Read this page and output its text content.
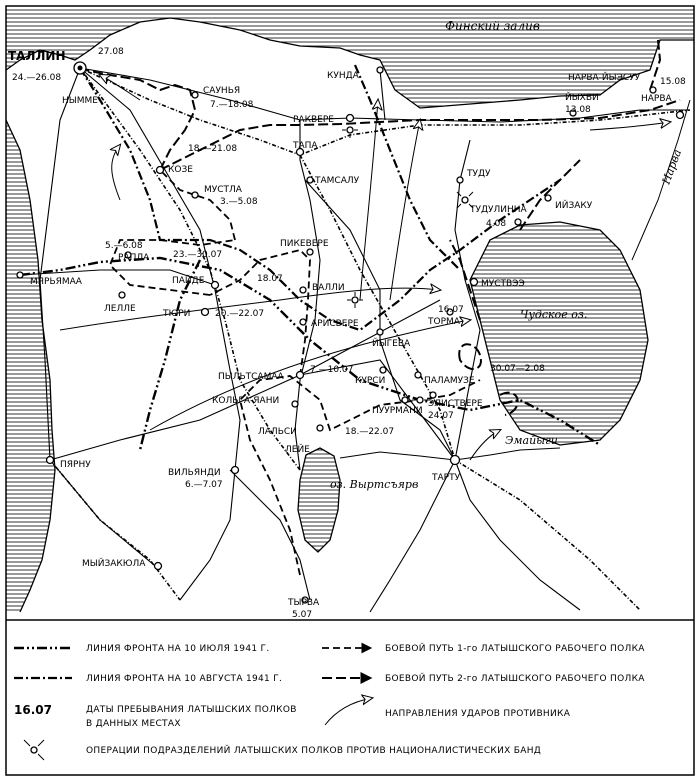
Финский залив
Чудское оз.
оз. Выртсъярв
Эмайыги
Нарва
ТАЛЛИН
24.—26.08
27.08
НЫММЕ
САУНЬЯ
7.—18.08
18.—21.08
КОЗЕ
МУСТЛА
3.—5.08
5.—6.08
РАПЛА	23.—30.07
МЯРЬЯМАА
ЛЕЛЛЕ
ПАЙДЕ	18.07
ТЮРИ	20.—22.07
КУНДА
РАКВЕРЕ
ТАПА
ТАМСАЛУ
ПИКЕВЕРЕ
ВАЛЛИ
АРИСВЕРЕ
ЙЫГЕВА
ПЫЛЬТСАМАА
7.—10.07
КОЛЬГА-ЯАНИ
ЛАЛЬСИ
ЛЕЙЕ
КУРСИ	ПАЛАМУЗЕ
ПУУРМАНИ
18.—22.07
ЭЛИСТВЕРЕ
24.07
30.07—2.08
ТОРМА
16.07
МУСТВЭЭ
ТУДУ
ТУДУЛИННА
4.08
ИЙЗАКУ
ЙЫХВИ
13.08
НАРВА-ЙЫЭСУУ 15.08
НАРВА
ТАРТУ
ПЯРНУ
ВИЛЬЯНДИ
6.—7.07
МЫЙЗАКЮЛА
ТЫРВА
5.07
ЛИНИЯ ФРОНТА НА 10 ИЮЛЯ 1941 Г.
ЛИНИЯ ФРОНТА НА 10 АВГУСТА 1941 Г.
16.07	ДАТЫ ПРЕБЫВАНИЯ ЛАТЫШСКИХ ПОЛКОВ
В ДАННЫХ МЕСТАХ
БОЕВОЙ ПУТЬ 1-го ЛАТЫШСКОГО РАБОЧЕГО ПОЛКА
БОЕВОЙ ПУТЬ 2-го ЛАТЫШСКОГО РАБОЧЕГО ПОЛКА
НАПРАВЛЕНИЯ УДАРОВ ПРОТИВНИКА
ОПЕРАЦИИ ПОДРАЗДЕЛЕНИЙ ЛАТЫШСКИХ ПОЛКОВ ПРОТИВ НАЦИОНАЛИСТИЧЕСКИХ БАНД
